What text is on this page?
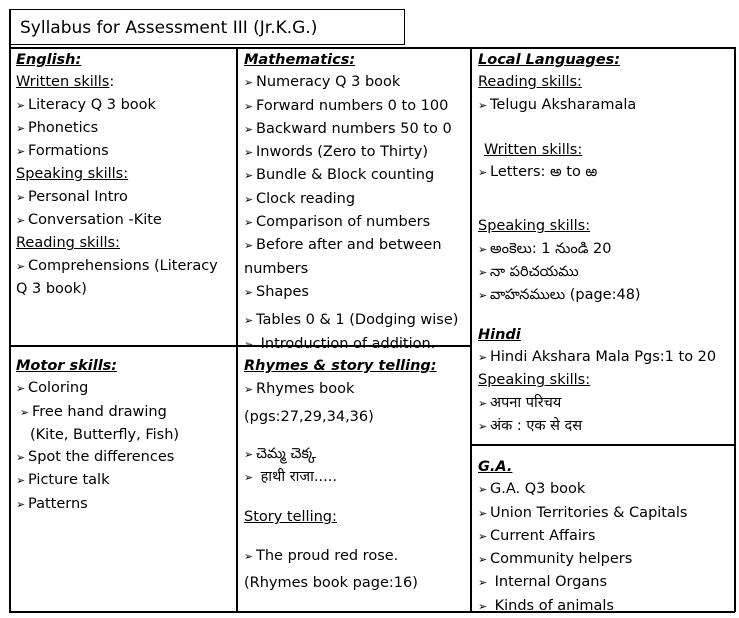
Syllabus for Assessment III (Jr.K.G.)
English:
Written skills:
➢ Literacy Q 3 book
➢ Phonetics
➢ Formations
Speaking skills:
➢ Personal Intro
➢ Conversation -Kite
Reading skills:
➢ Comprehensions (Literacy Q 3 book)
Mathematics:
➢ Numeracy Q 3 book
➢ Forward numbers 0 to 100
➢ Backward numbers 50 to 0
➢ Inwords (Zero to Thirty)
➢ Bundle & Block counting
➢ Clock reading
➢ Comparison of numbers
➢ Before after and between numbers
➢ Shapes
➢ Tables 0 & 1 (Dodging wise)
➢ Introduction of addition.
Local Languages:
Reading skills:
➢ Telugu Aksharamala
Written skills:
➢ Letters: అ to ఱ
Speaking skills:
➢ అంకెలు: 1 నుండి 20
➢ నా పరిచయము
➢ వాహనములు (page:48)
Hindi
➢ Hindi Akshara Mala Pgs:1 to 20
Speaking skills:
➢ अपना परिचय
➢ अंक : एक से दस
Motor skills:
➢ Coloring
➢ Free hand drawing
(Kite, Butterfly, Fish)
➢ Spot the differences
➢ Picture talk
➢ Patterns
Rhymes & story telling:
➢ Rhymes book
(pgs:27,29,34,36)
➢ చెమ్మ చెక్క
➢ हाथी राजा.....
Story telling:
➢ The proud red rose.
(Rhymes book page:16)
G.A.
➢ G.A. Q3 book
➢ Union Territories & Capitals
➢ Current Affairs
➢ Community helpers
➢ Internal Organs
➢ Kinds of animals
